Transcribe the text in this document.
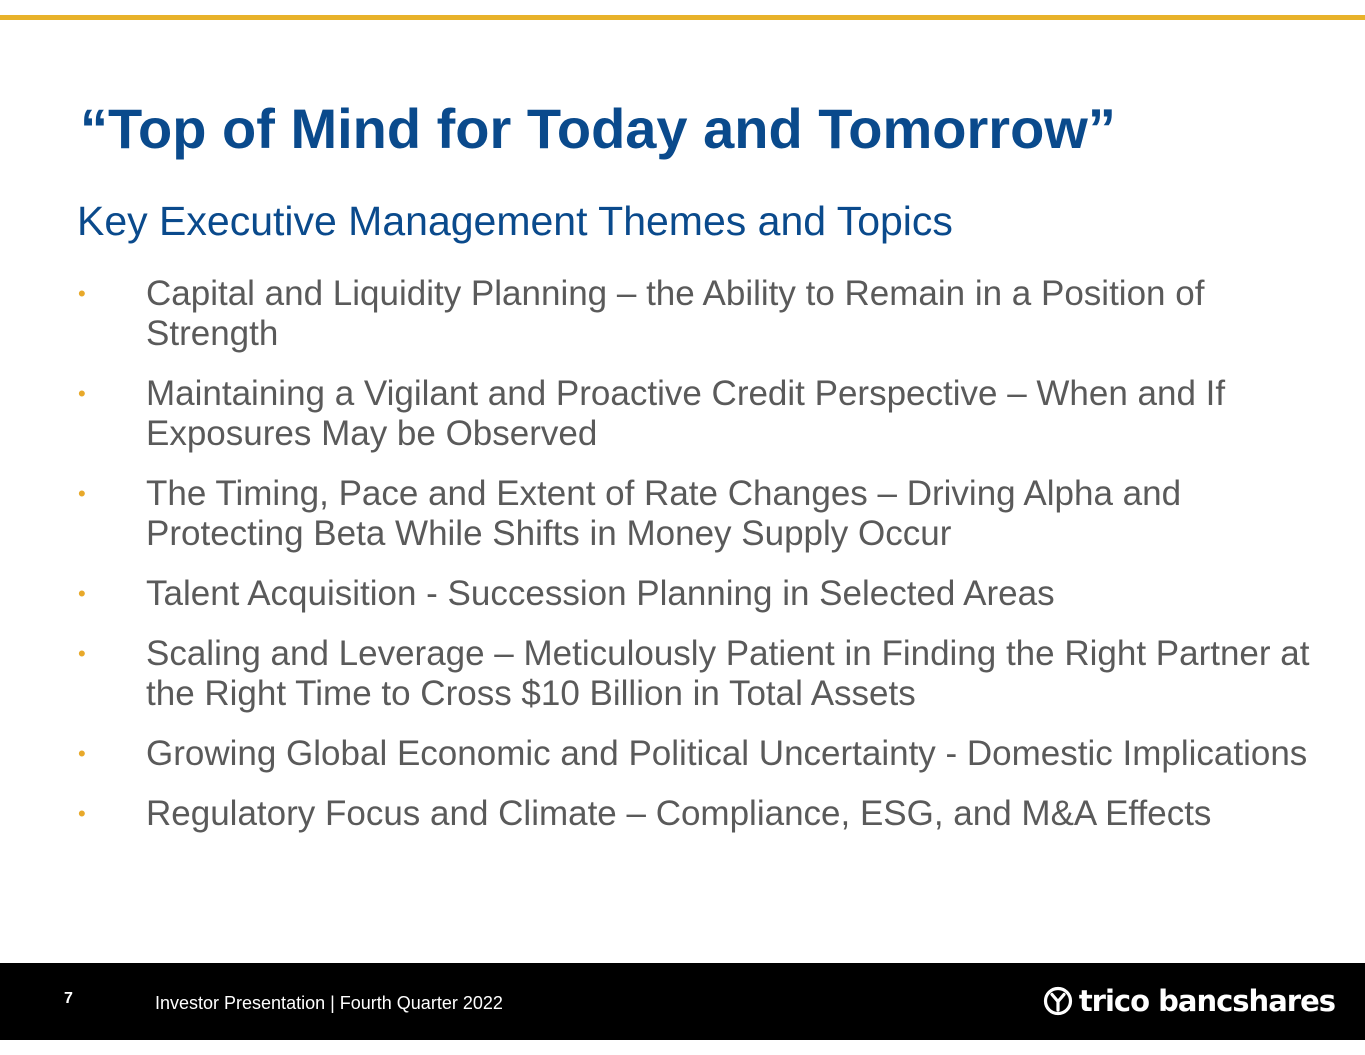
“Top of Mind for Today and Tomorrow”
Key Executive Management Themes and Topics
• Capital and Liquidity Planning – the Ability to Remain in a Position of Strength
• Maintaining a Vigilant and Proactive Credit Perspective – When and If Exposures May be Observed
• The Timing, Pace and Extent of Rate Changes – Driving Alpha and Protecting Beta While Shifts in Money Supply Occur
• Talent Acquisition - Succession Planning in Selected Areas
• Scaling and Leverage – Meticulously Patient in Finding the Right Partner at the Right Time to Cross $10 Billion in Total Assets
• Growing Global Economic and Political Uncertainty - Domestic Implications
• Regulatory Focus and Climate – Compliance, ESG, and M&A Effects
7	Investor Presentation | Fourth Quarter 2022	trico bancshares
